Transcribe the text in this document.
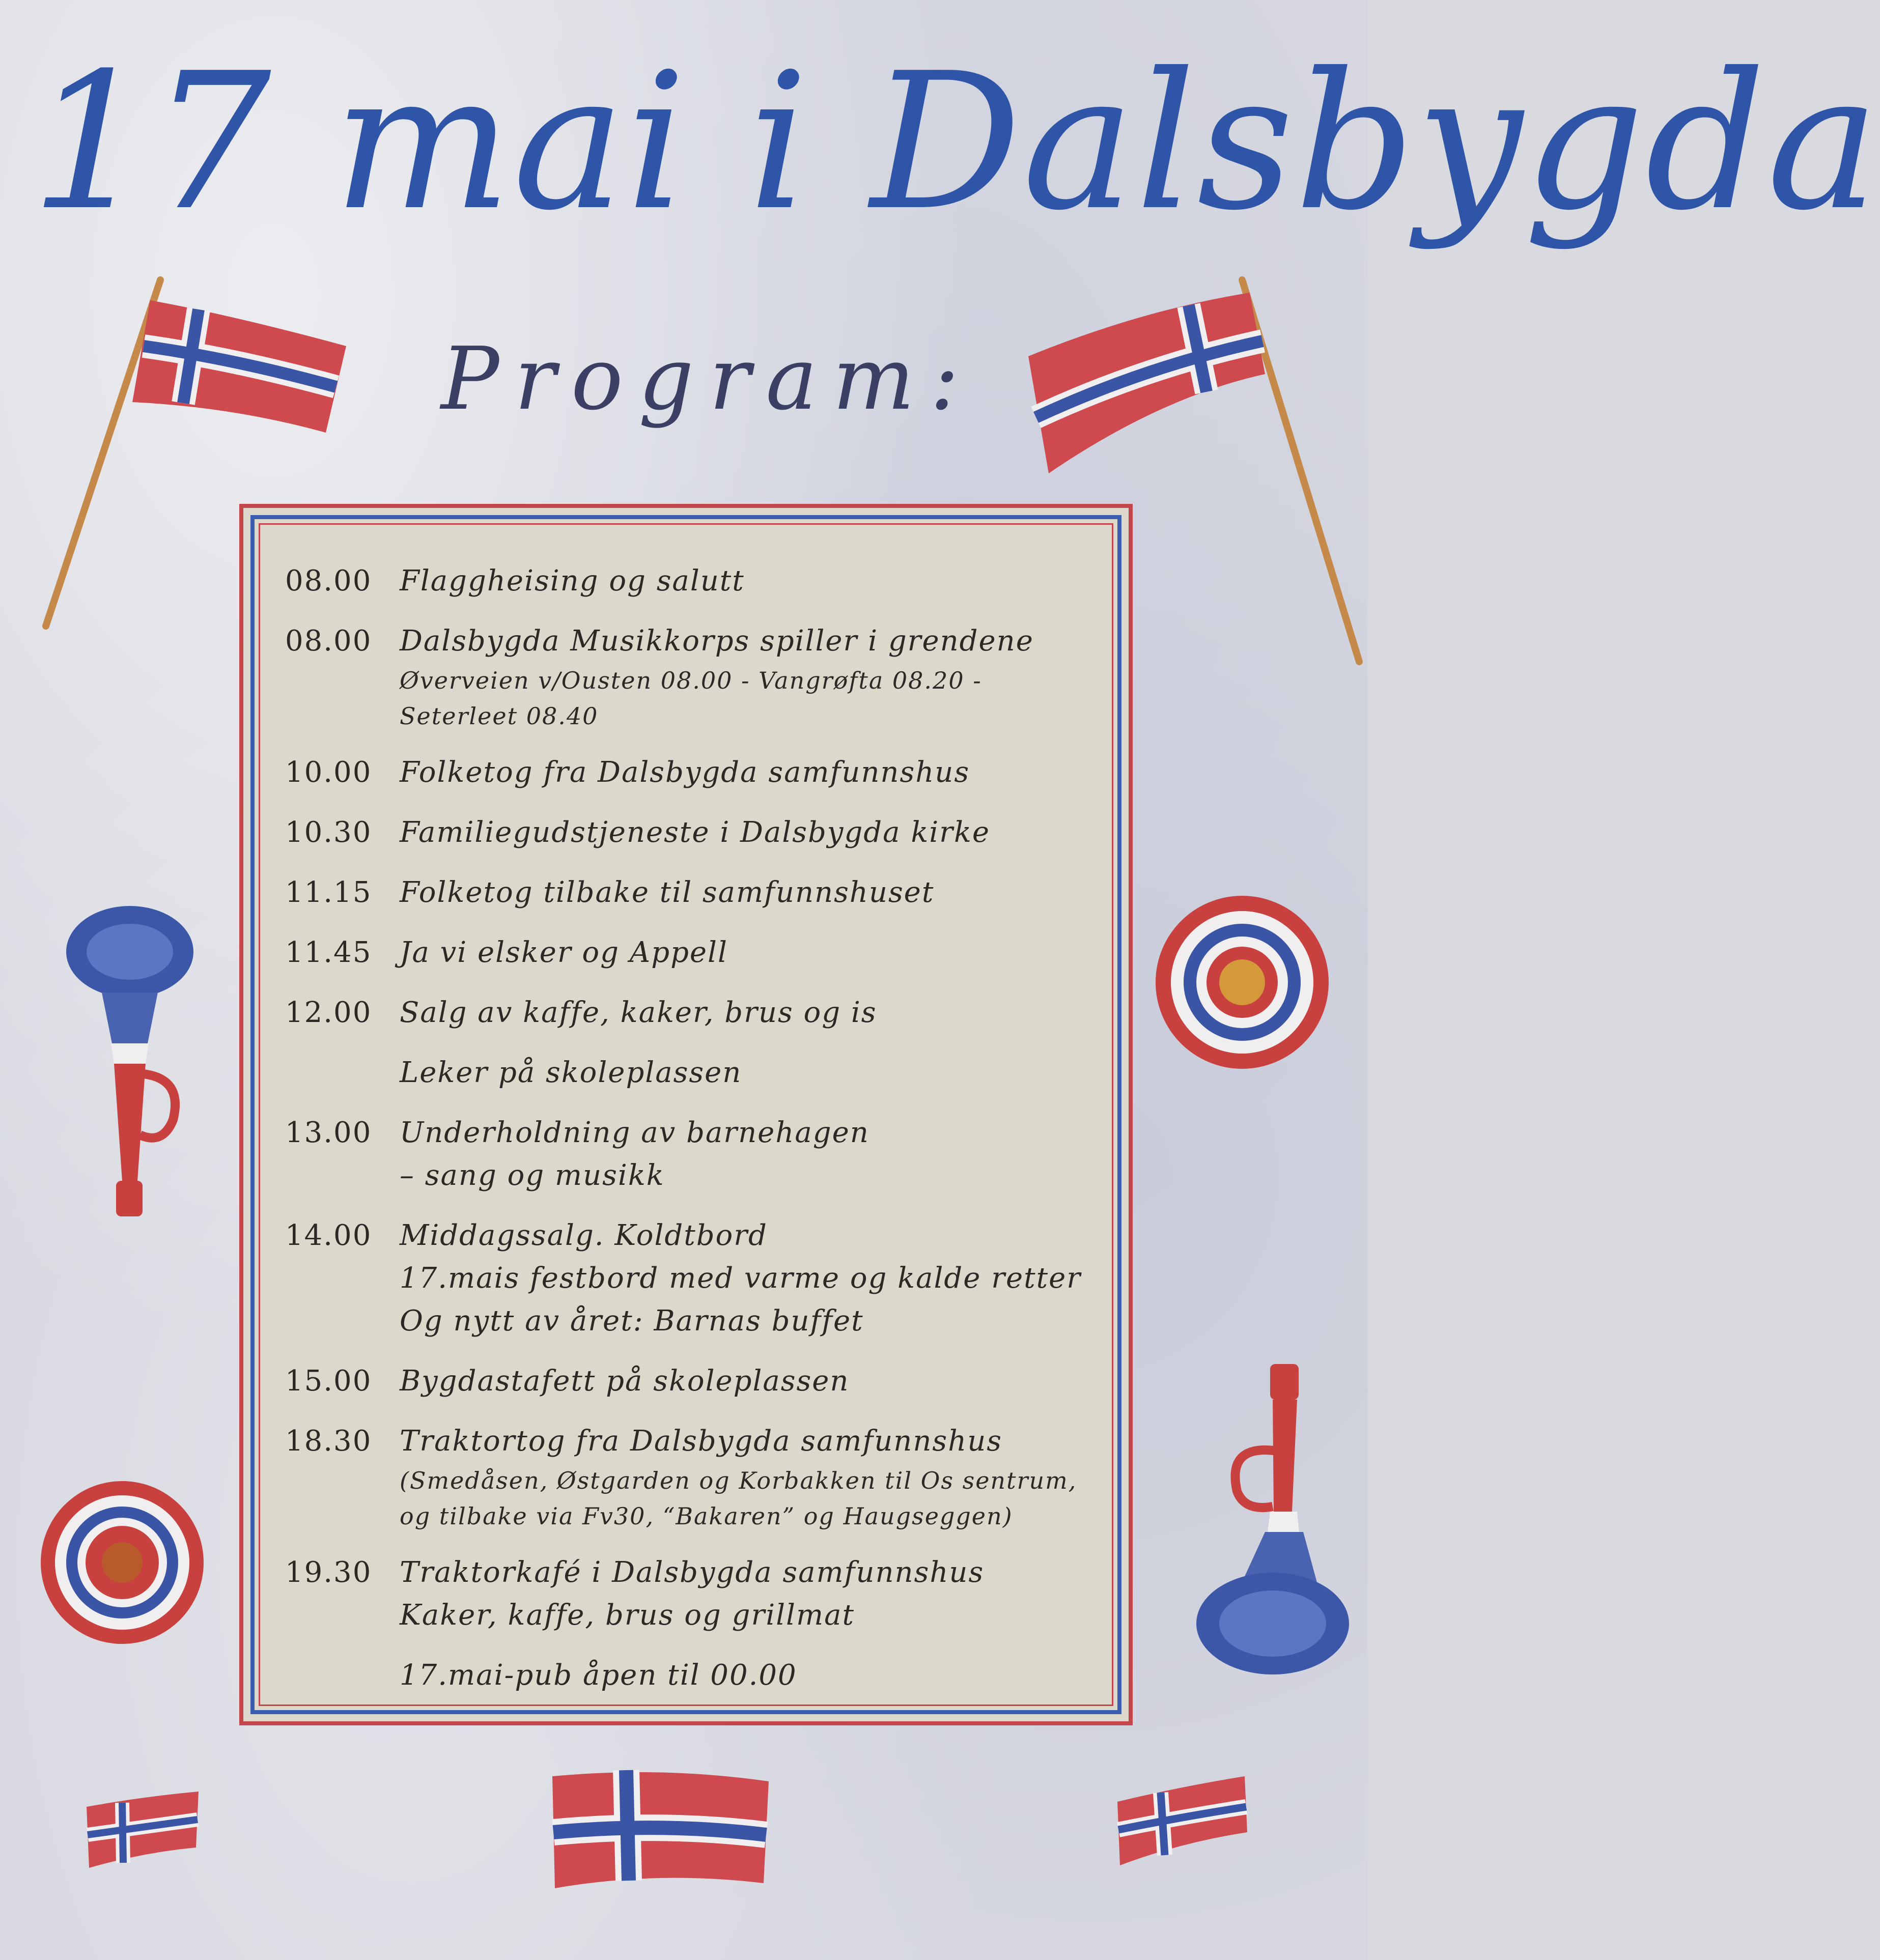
17 mai i Dalsbygda
Program:
08.00 Flaggheising og salutt
08.00 Dalsbygda Musikkorps spiller i grendene
Øverveien v/Ousten 08.00 - Vangrøfta 08.20 -
Seterleet 08.40
10.00 Folketog fra Dalsbygda samfunnshus
10.30 Familiegudstjeneste i Dalsbygda kirke
11.15 Folketog tilbake til samfunnshuset
11.45 Ja vi elsker og Appell
12.00 Salg av kaffe, kaker, brus og is
Leker på skoleplassen
13.00 Underholdning av barnehagen
– sang og musikk
14.00 Middagssalg. Koldtbord
17.mais festbord med varme og kalde retter
Og nytt av året: Barnas buffet
15.00 Bygdastafett på skoleplassen
18.30 Traktortog fra Dalsbygda samfunnshus
(Smedåsen, Østgarden og Korbakken til Os sentrum,
og tilbake via Fv30, “Bakaren” og Haugseggen)
19.30 Traktorkafé i Dalsbygda samfunnshus
Kaker, kaffe, brus og grillmat
17.mai-pub åpen til 00.00
